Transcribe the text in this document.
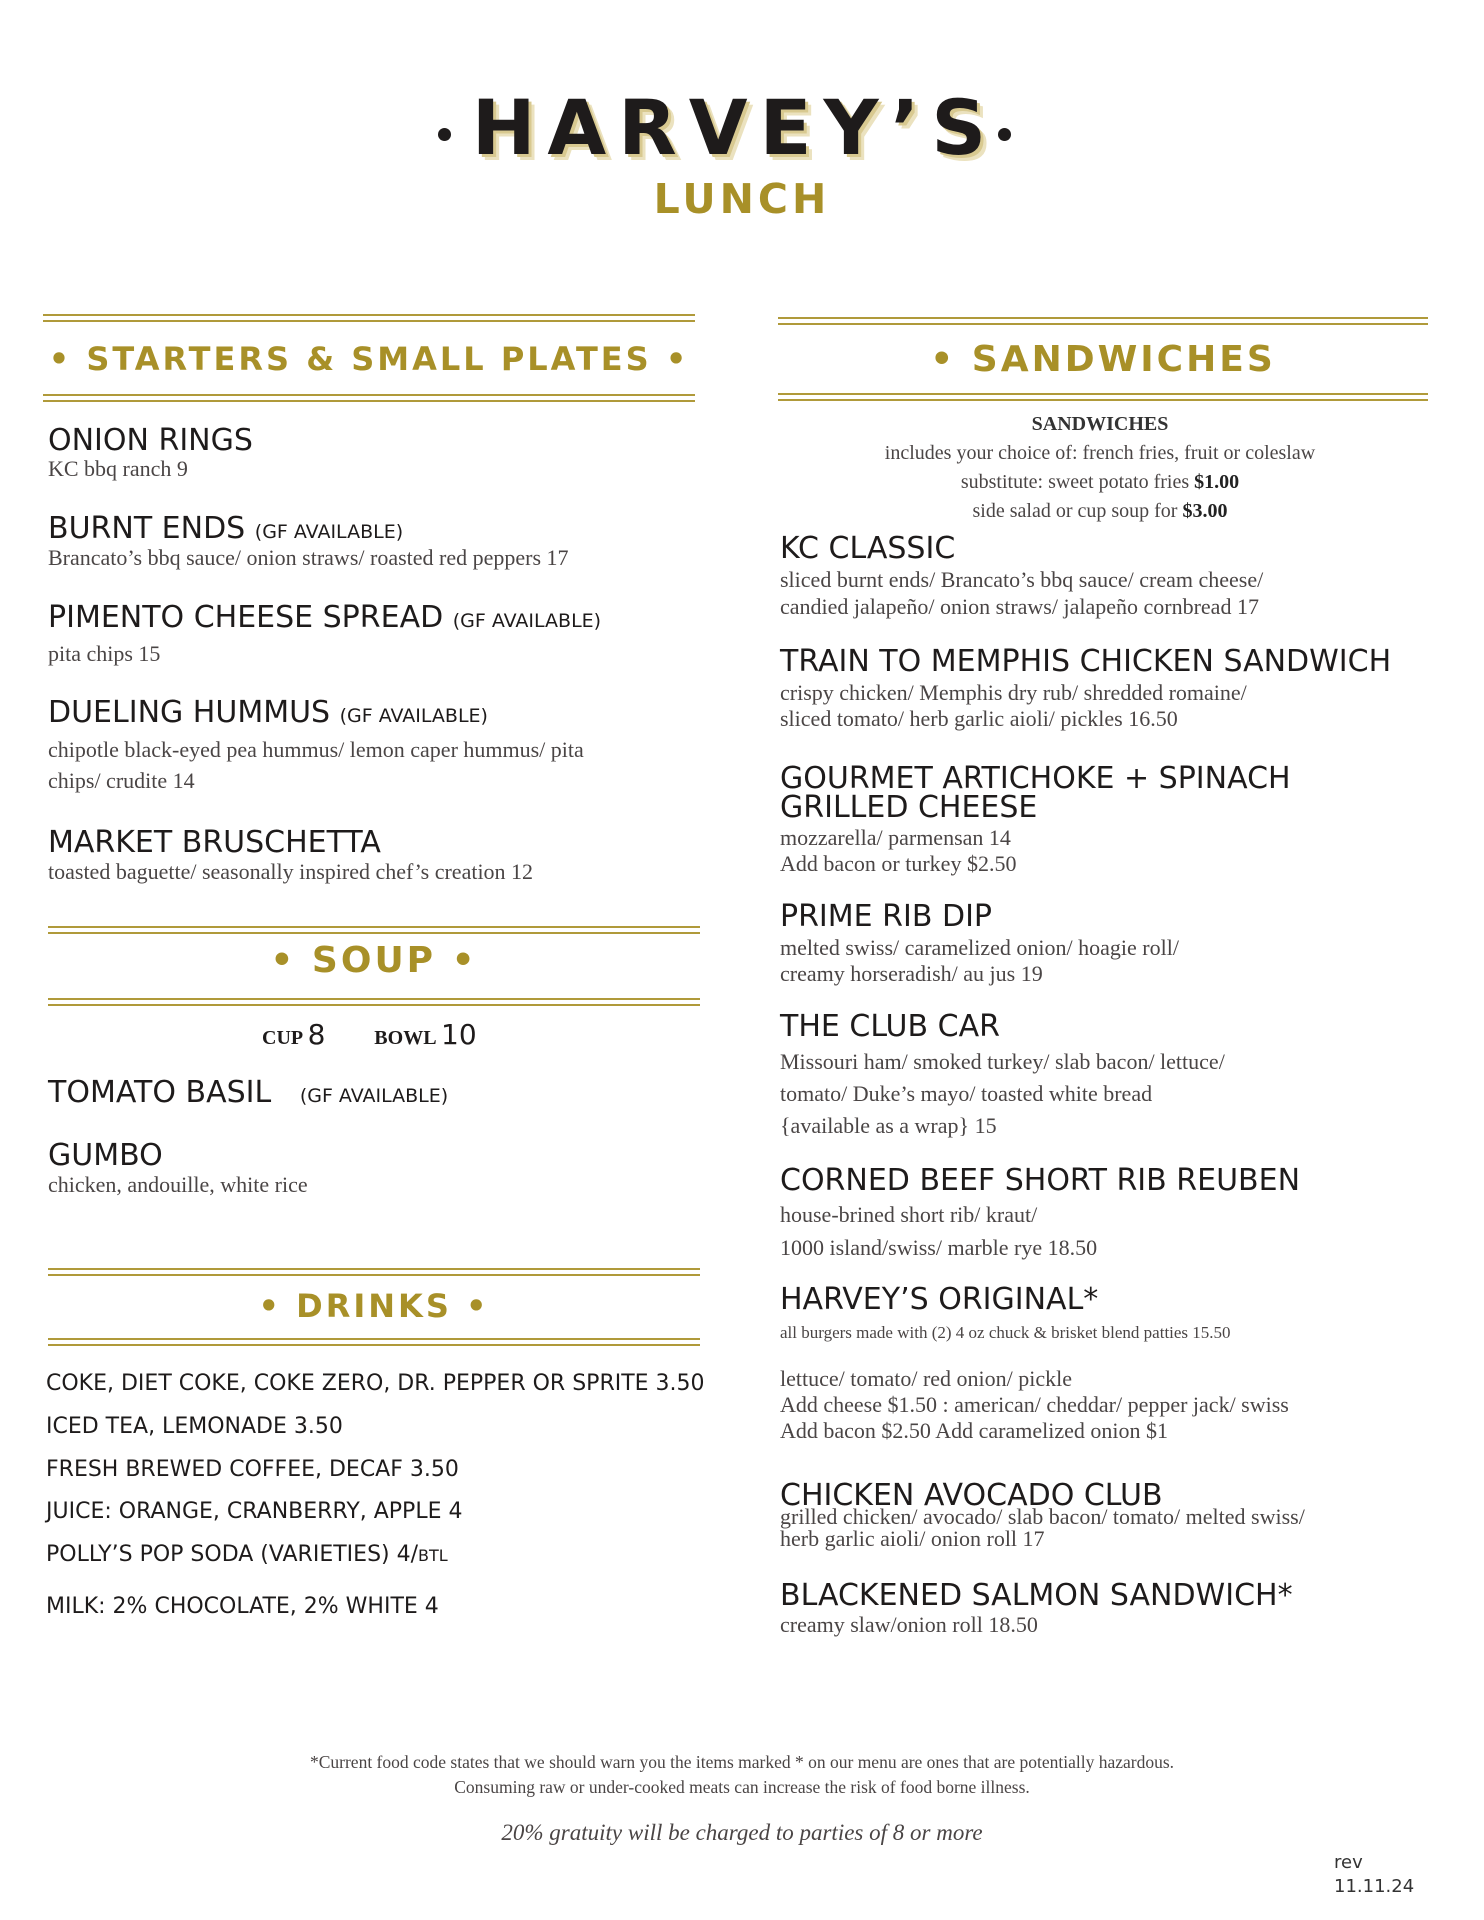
HARVEY’S
LUNCH
• STARTERS & SMALL PLATES •
ONION RINGS
KC bbq ranch 9
BURNT ENDS (GF AVAILABLE)
Brancato’s bbq sauce/ onion straws/ roasted red peppers 17
PIMENTO CHEESE SPREAD (GF AVAILABLE)
pita chips 15
DUELING HUMMUS (GF AVAILABLE)
chipotle black-eyed pea hummus/ lemon caper hummus/ pita
chips/ crudite 14
MARKET BRUSCHETTA
toasted baguette/ seasonally inspired chef’s creation 12
• SOUP •
CUP 8 BOWL 10
TOMATO BASIL (GF AVAILABLE)
GUMBO
chicken, andouille, white rice
• DRINKS •
COKE, DIET COKE, COKE ZERO, DR. PEPPER OR SPRITE 3.50
ICED TEA, LEMONADE 3.50
FRESH BREWED COFFEE, DECAF 3.50
JUICE: ORANGE, CRANBERRY, APPLE 4
POLLY’S POP SODA (VARIETIES) 4/BTL
MILK: 2% CHOCOLATE, 2% WHITE 4
• SANDWICHES
SANDWICHES
includes your choice of: french fries, fruit or coleslaw
substitute: sweet potato fries $1.00
side salad or cup soup for $3.00
KC CLASSIC
sliced burnt ends/ Brancato’s bbq sauce/ cream cheese/
candied jalapeño/ onion straws/ jalapeño cornbread 17
TRAIN TO MEMPHIS CHICKEN SANDWICH
crispy chicken/ Memphis dry rub/ shredded romaine/
sliced tomato/ herb garlic aioli/ pickles 16.50
GOURMET ARTICHOKE + SPINACH
GRILLED CHEESE
mozzarella/ parmensan 14
Add bacon or turkey $2.50
PRIME RIB DIP
melted swiss/ caramelized onion/ hoagie roll/
creamy horseradish/ au jus 19
THE CLUB CAR
Missouri ham/ smoked turkey/ slab bacon/ lettuce/
tomato/ Duke’s mayo/ toasted white bread
{available as a wrap} 15
CORNED BEEF SHORT RIB REUBEN
house-brined short rib/ kraut/
1000 island/swiss/ marble rye 18.50
HARVEY’S ORIGINAL*
all burgers made with (2) 4 oz chuck & brisket blend patties 15.50
lettuce/ tomato/ red onion/ pickle
Add cheese $1.50 : american/ cheddar/ pepper jack/ swiss
Add bacon $2.50 Add caramelized onion $1
CHICKEN AVOCADO CLUB
grilled chicken/ avocado/ slab bacon/ tomato/ melted swiss/
herb garlic aioli/ onion roll 17
BLACKENED SALMON SANDWICH*
creamy slaw/onion roll 18.50
*Current food code states that we should warn you the items marked * on our menu are ones that are potentially hazardous.
Consuming raw or under-cooked meats can increase the risk of food borne illness.
20% gratuity will be charged to parties of 8 or more
rev
11.11.24
